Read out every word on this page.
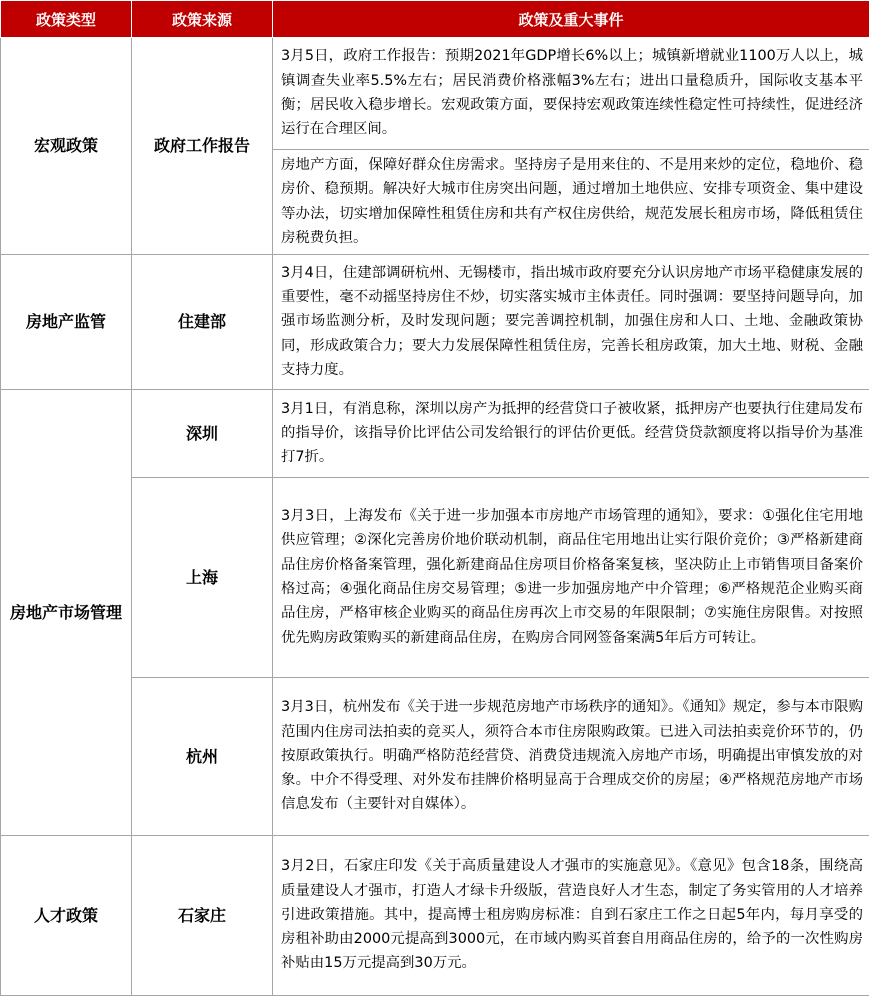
政策类型	政策来源	政策及重大事件
宏观政策	政府工作报告	3月5日，政府工作报告：预期2021年GDP增长6%以上；城镇新增就业1100万人以上，城镇调查失业率5.5%左右；居民消费价格涨幅3%左右；进出口量稳质升，国际收支基本平衡；居民收入稳步增长。宏观政策方面，要保持宏观政策连续性稳定性可持续性，促进经济运行在合理区间。
		房地产方面，保障好群众住房需求。坚持房子是用来住的、不是用来炒的定位，稳地价、稳房价、稳预期。解决好大城市住房突出问题，通过增加土地供应、安排专项资金、集中建设等办法，切实增加保障性租赁住房和共有产权住房供给，规范发展长租房市场，降低租赁住房税费负担。
房地产监管	住建部	3月4日，住建部调研杭州、无锡楼市，指出城市政府要充分认识房地产市场平稳健康发展的重要性，毫不动摇坚持房住不炒，切实落实城市主体责任。同时强调：要坚持问题导向，加强市场监测分析，及时发现问题；要完善调控机制，加强住房和人口、土地、金融政策协同，形成政策合力；要大力发展保障性租赁住房，完善长租房政策，加大土地、财税、金融支持力度。
房地产市场管理	深圳	3月1日，有消息称，深圳以房产为抵押的经营贷口子被收紧，抵押房产也要执行住建局发布的指导价，该指导价比评估公司发给银行的评估价更低。经营贷贷款额度将以指导价为基准打7折。
	上海	3月3日，上海发布《关于进一步加强本市房地产市场管理的通知》，要求：①强化住宅用地供应管理；②深化完善房价地价联动机制，商品住宅用地出让实行限价竞价；③严格新建商品住房价格备案管理，强化新建商品住房项目价格备案复核，坚决防止上市销售项目备案价格过高；④强化商品住房交易管理；⑤进一步加强房地产中介管理；⑥严格规范企业购买商品住房，严格审核企业购买的商品住房再次上市交易的年限限制；⑦实施住房限售。对按照优先购房政策购买的新建商品住房，在购房合同网签备案满5年后方可转让。
	杭州	3月3日，杭州发布《关于进一步规范房地产市场秩序的通知》。《通知》规定，参与本市限购范围内住房司法拍卖的竞买人，须符合本市住房限购政策。已进入司法拍卖竞价环节的，仍按原政策执行。明确严格防范经营贷、消费贷违规流入房地产市场，明确提出审慎发放的对象。中介不得受理、对外发布挂牌价格明显高于合理成交价的房屋；④严格规范房地产市场信息发布（主要针对自媒体）。
人才政策	石家庄	3月2日，石家庄印发《关于高质量建设人才强市的实施意见》。《意见》包含18条，围绕高质量建设人才强市，打造人才绿卡升级版，营造良好人才生态，制定了务实管用的人才培养引进政策措施。其中，提高博士租房购房标准：自到石家庄工作之日起5年内，每月享受的房租补助由2000元提高到3000元，在市域内购买首套自用商品住房的，给予的一次性购房补贴由15万元提高到30万元。
